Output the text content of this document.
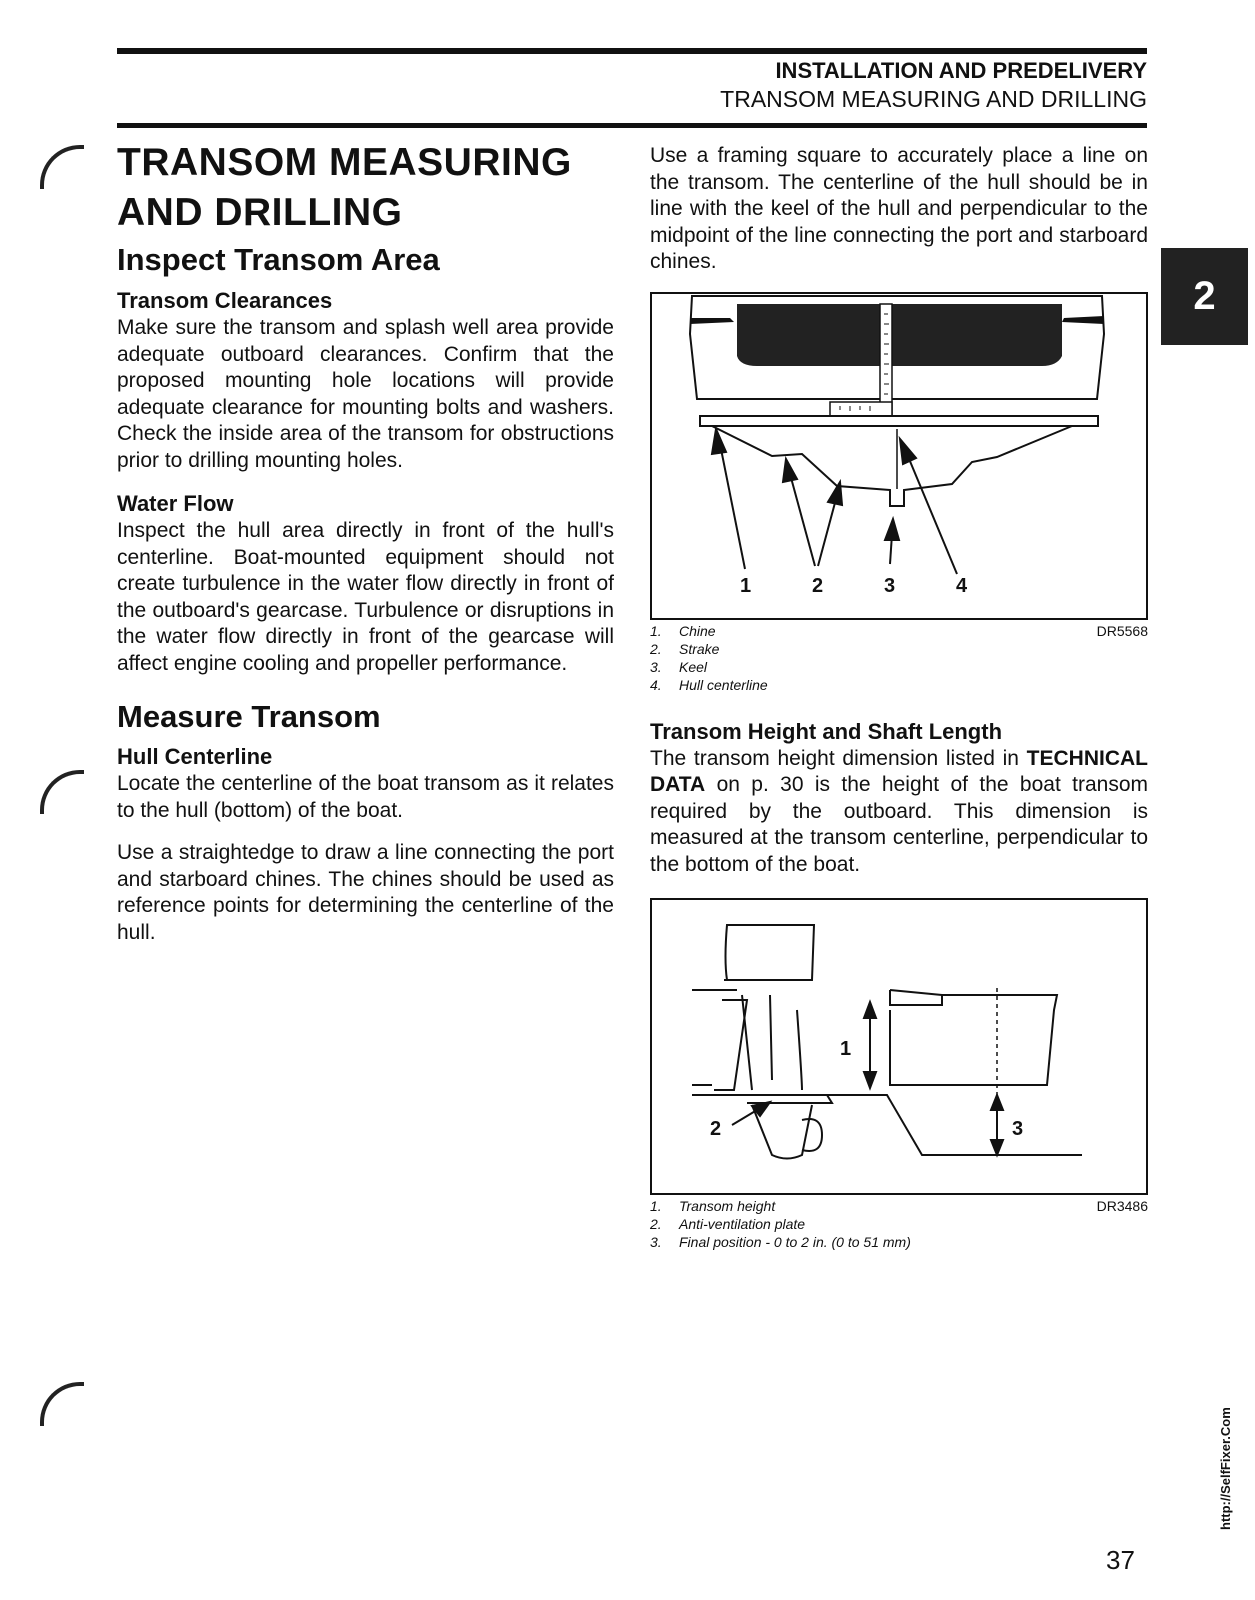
INSTALLATION AND PREDELIVERY
TRANSOM MEASURING AND DRILLING
2
TRANSOM MEASURING AND DRILLING
Inspect Transom Area
Transom Clearances

Make sure the transom and splash well area provide adequate outboard clearances. Confirm that the proposed mounting hole locations will provide adequate clearance for mounting bolts and washers. Check the inside area of the transom for obstructions prior to drilling mounting holes.

Water Flow

Inspect the hull area directly in front of the hull's centerline. Boat-mounted equipment should not create turbulence in the water flow directly in front of the outboard's gearcase. Turbulence or disruptions in the water flow directly in front of the gearcase will affect engine cooling and propeller performance.

Measure Transom
Hull Centerline

Locate the centerline of the boat transom as it relates to the hull (bottom) of the boat.

Use a straightedge to draw a line connecting the port and starboard chines. The chines should be used as reference points for determining the centerline of the hull.

Use a framing square to accurately place a line on the transom. The centerline of the hull should be in line with the keel of the hull and perpendicular to the midpoint of the line connecting the port and starboard chines.

1	2	3	4
1.	Chine
2.	Strake
3.	Keel
4.	Hull centerline
DR5568
Transom Height and Shaft Length

The transom height dimension listed in TECHNICAL DATA on p. 30 is the height of the boat transom required by the outboard. This dimension is measured at the transom centerline, perpendicular to the bottom of the boat.

1
2	3
1.	Transom height
2.	Anti-ventilation plate
3.	Final position - 0 to 2 in. (0 to 51 mm)
DR3486
37
http://SelfFixer.Com
